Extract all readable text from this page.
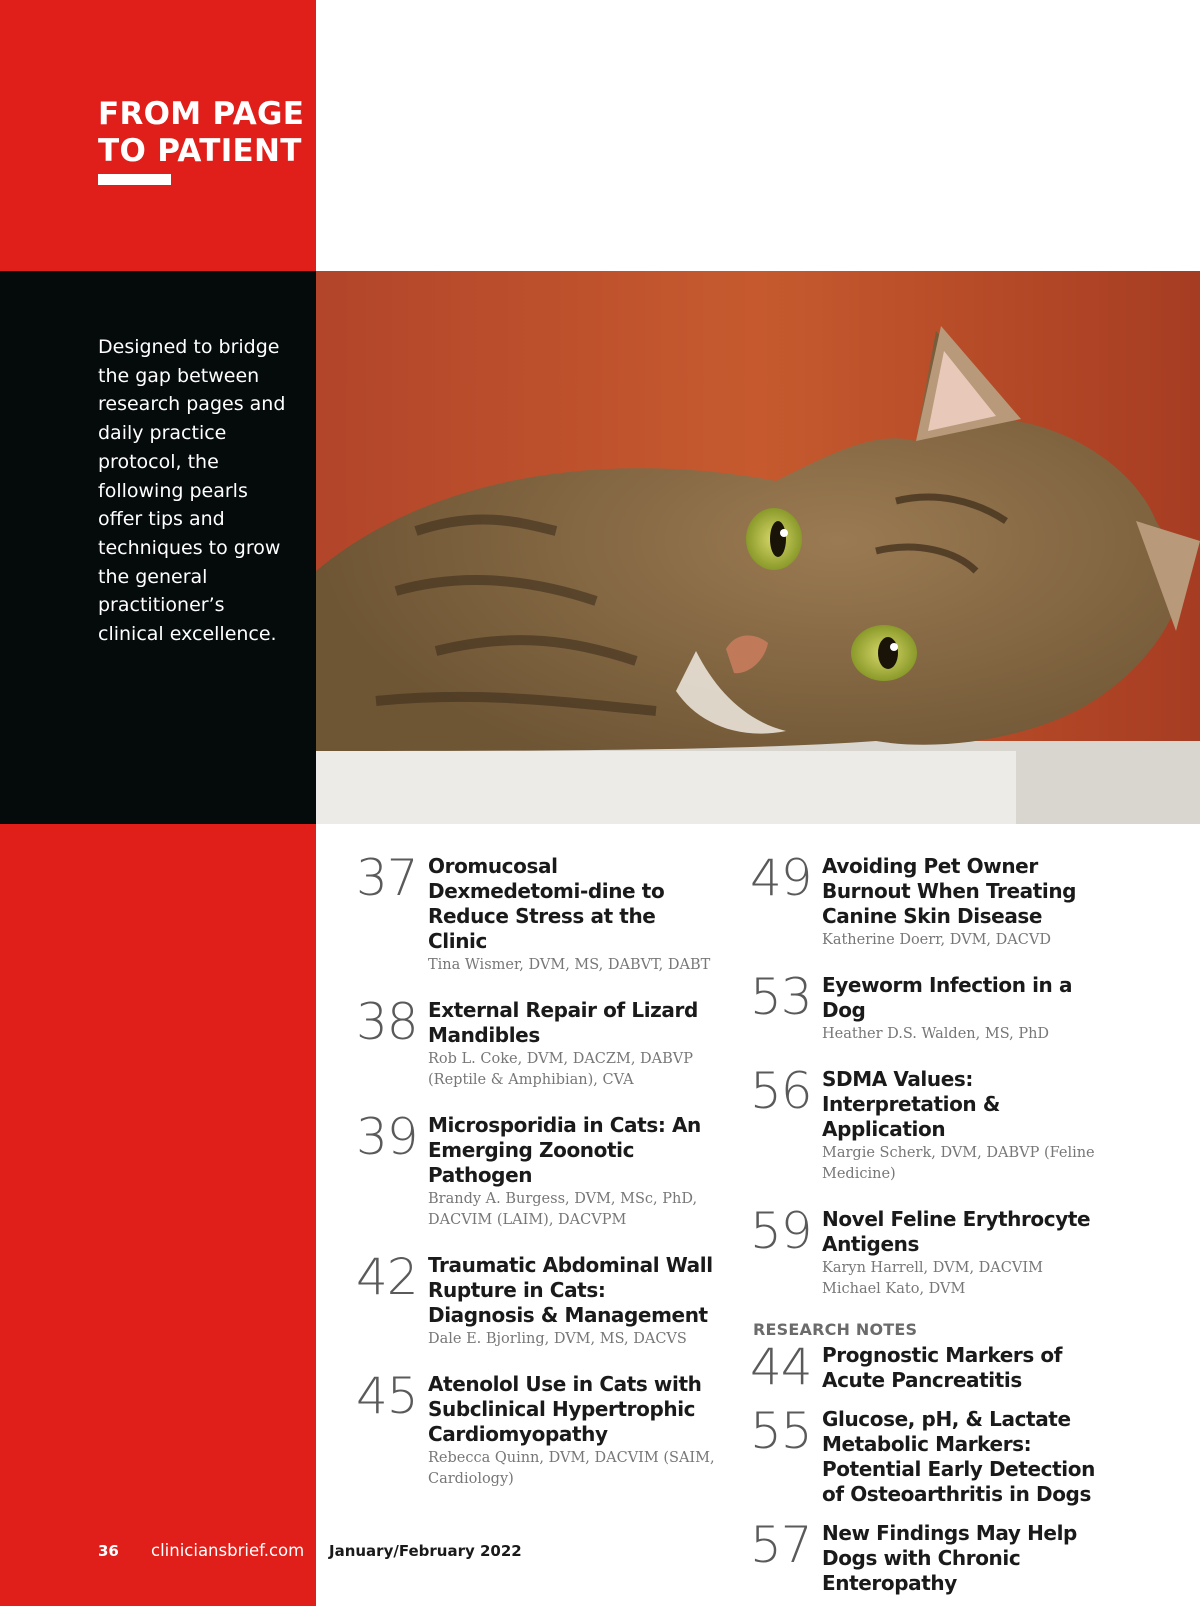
FROM PAGE
TO PATIENT

Designed to bridge the gap between research pages and daily practice protocol, the following pearls offer tips and techniques to grow the general practitioner’s clinical excellence.

37 Oromucosal Dexmedetomi-dine to Reduce Stress at the Clinic
Tina Wismer, DVM, MS, DABVT, DABT
38 External Repair of Lizard Mandibles
Rob L. Coke, DVM, DACZM, DABVP (Reptile & Amphibian), CVA
39 Microsporidia in Cats: An Emerging Zoonotic Pathogen
Brandy A. Burgess, DVM, MSc, PhD, DACVIM (LAIM), DACVPM
42 Traumatic Abdominal Wall Rupture in Cats: Diagnosis & Management
Dale E. Bjorling, DVM, MS, DACVS
45 Atenolol Use in Cats with Subclinical Hypertrophic Cardiomyopathy
Rebecca Quinn, DVM, DACVIM (SAIM, Cardiology)
49 Avoiding Pet Owner Burnout When Treating Canine Skin Disease
Katherine Doerr, DVM, DACVD
53 Eyeworm Infection in a Dog
Heather D.S. Walden, MS, PhD
56 SDMA Values: Interpretation & Application
Margie Scherk, DVM, DABVP (Feline Medicine)
59 Novel Feline Erythrocyte Antigens
Karyn Harrell, DVM, DACVIM
Michael Kato, DVM
RESEARCH NOTES
44 Prognostic Markers of Acute Pancreatitis
55 Glucose, pH, & Lactate Metabolic Markers: Potential Early Detection of Osteoarthritis in Dogs
57 New Findings May Help Dogs with Chronic Enteropathy
36 cliniciansbrief.com January/February 2022
